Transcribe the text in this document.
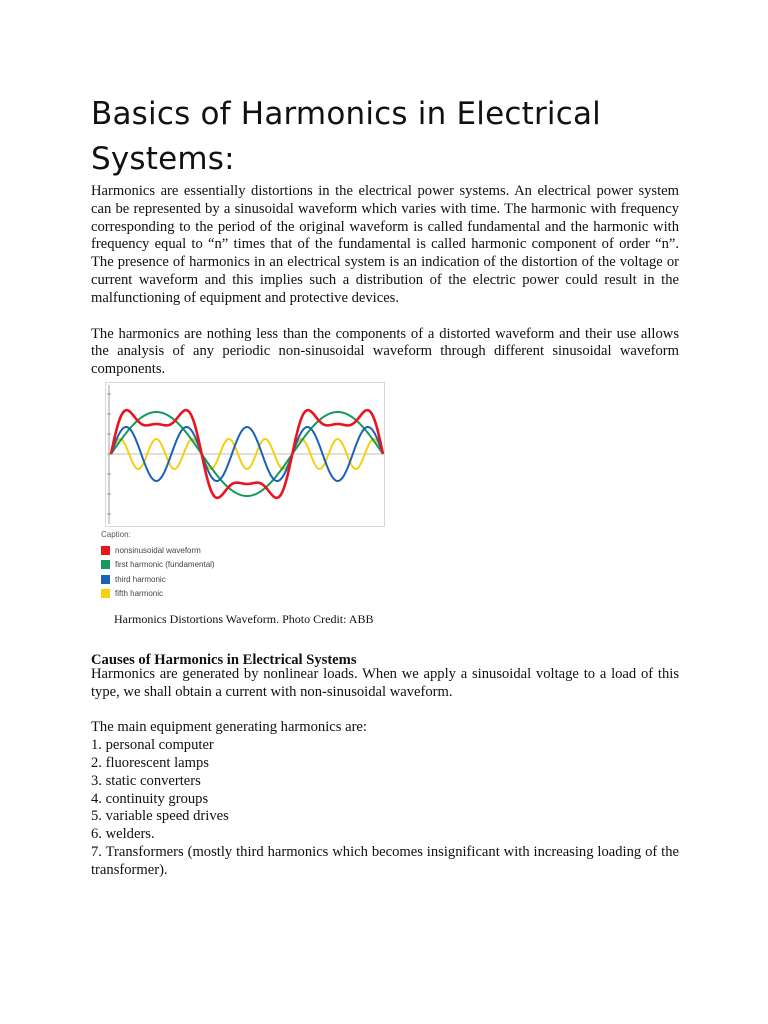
Basics of Harmonics in Electrical Systems:

Harmonics are essentially distortions in the electrical power systems. An electrical power system can be represented by a sinusoidal waveform which varies with time. The harmonic with frequency corresponding to the period of the original waveform is called fundamental and the harmonic with frequency equal to “n” times that of the fundamental is called harmonic component of order “n”. The presence of harmonics in an electrical system is an indication of the distortion of the voltage or current waveform and this implies such a distribution of the electric power could result in the malfunctioning of equipment and protective devices.

The harmonics are nothing less than the components of a distorted waveform and their use allows the analysis of any periodic non-sinusoidal waveform through different sinusoidal waveform components.

Caption:
nonsinusoidal waveform
first harmonic (fundamental)
third harmonic
fifth harmonic
Harmonics Distortions Waveform. Photo Credit: ABB
Causes of Harmonics in Electrical Systems

Harmonics are generated by nonlinear loads. When we apply a sinusoidal voltage to a load of this type, we shall obtain a current with non-sinusoidal waveform.

The main equipment generating harmonics are:
1. personal computer
2. fluorescent lamps
3. static converters
4. continuity groups
5. variable speed drives
6. welders.
7. Transformers (mostly third harmonics which becomes insignificant with increasing loading of the transformer).
